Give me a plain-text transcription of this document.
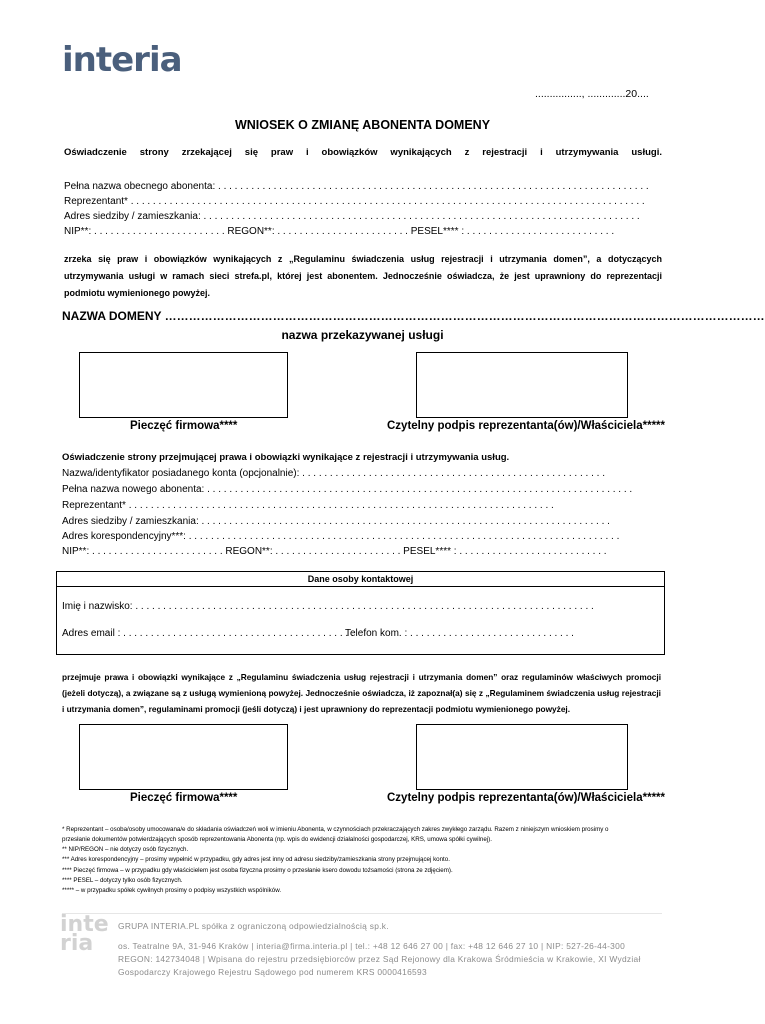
interia
................, .............20....
WNIOSEK O ZMIANĘ ABONENTA DOMENY
Oświadczenie strony zrzekającej się praw i obowiązków wynikających z rejestracji i utrzymywania usługi.
Pełna nazwa obecnego abonenta: . . . . . . . . . . . . . . . . . . . . . . . . . . . . . . . . . . . . . . . . . . . . . . . . . . . . . . . . . . . . . . . . . . . . . . . . . . . . . .
Reprezentant* . . . . . . . . . . . . . . . . . . . . . . . . . . . . . . . . . . . . . . . . . . . . . . . . . . . . . . . . . . . . . . . . . . . . . . . . . . . . . . . . . . . . . . . . . . . . .
Adres siedziby / zamieszkania: . . . . . . . . . . . . . . . . . . . . . . . . . . . . . . . . . . . . . . . . . . . . . . . . . . . . . . . . . . . . . . . . . . . . . . . . . . . . . . .
NIP**: . . . . . . . . . . . . . . . . . . . . . . . . REGON**: . . . . . . . . . . . . . . . . . . . . . . . . PESEL**** : . . . . . . . . . . . . . . . . . . . . . . . . . . .
zrzeka się praw i obowiązków wynikających z „Regulaminu świadczenia usług rejestracji i utrzymania domen”, a dotyczących utrzymywania usługi w ramach sieci strefa.pl, której jest abonentem. Jednocześnie oświadcza, że jest uprawniony do reprezentacji podmiotu wymienionego powyżej.
NAZWA DOMENY ……………………………………………………………………………………………………………………………………
nazwa przekazywanej usługi
Pieczęć firmowa****	Czytelny podpis reprezentanta(ów)/Właściciela*****
Oświadczenie strony przejmującej prawa i obowiązki wynikające z rejestracji i utrzymywania usług.
Nazwa/identyfikator posiadanego konta (opcjonalnie): . . . . . . . . . . . . . . . . . . . . . . . . . . . . . . . . . . . . . . . . . . . . . . . . . . . . . . .
Pełna nazwa nowego abonenta: . . . . . . . . . . . . . . . . . . . . . . . . . . . . . . . . . . . . . . . . . . . . . . . . . . . . . . . . . . . . . . . . . . . . . . . . . . . . .
Reprezentant* . . . . . . . . . . . . . . . . . . . . . . . . . . . . . . . . . . . . . . . . . . . . . . . . . . . . . . . . . . . . . . . . . . . . . . . . . . . . .
Adres siedziby / zamieszkania: . . . . . . . . . . . . . . . . . . . . . . . . . . . . . . . . . . . . . . . . . . . . . . . . . . . . . . . . . . . . . . . . . . . . . . . . . .
Adres korespondencyjny***: . . . . . . . . . . . . . . . . . . . . . . . . . . . . . . . . . . . . . . . . . . . . . . . . . . . . . . . . . . . . . . . . . . . . . . . . . . . . . .
NIP**: . . . . . . . . . . . . . . . . . . . . . . . . REGON**: . . . . . . . . . . . . . . . . . . . . . . . PESEL**** : . . . . . . . . . . . . . . . . . . . . . . . . . . .
Dane osoby kontaktowej
Imię i nazwisko: . . . . . . . . . . . . . . . . . . . . . . . . . . . . . . . . . . . . . . . . . . . . . . . . . . . . . . . . . . . . . . . . . . . . . . . . . . . . . . . . . . .
Adres email : . . . . . . . . . . . . . . . . . . . . . . . . . . . . . . . . . . . . . . . . . .
Telefon kom. : . . . . . . . . . . . . . . . . . . . . . . . . . . . . . .
przejmuje prawa i obowiązki wynikające z „Regulaminu świadczenia usług rejestracji i utrzymania domen” oraz regulaminów właściwych promocji (jeżeli dotyczą), a związane są z usługą wymienioną powyżej. Jednocześnie oświadcza, iż zapoznał(a) się z „Regulaminem świadczenia usług rejestracji i utrzymania domen”, regulaminami promocji (jeśli dotyczą) i jest uprawniony do reprezentacji podmiotu wymienionego powyżej.
Pieczęć firmowa****	Czytelny podpis reprezentanta(ów)/Właściciela*****
* Reprezentant – osoba/osoby umocowana/e do składania oświadczeń woli w imieniu Abonenta, w czynnościach przekraczających zakres zwykłego zarządu. Razem z niniejszym wnioskiem prosimy o
przesłanie dokumentów potwierdzających sposób reprezentowania Abonenta (np. wpis do ewidencji działalności gospodarczej, KRS, umowa spółki cywilnej).
** NIP/REGON – nie dotyczy osób fizycznych.
*** Adres korespondencyjny – prosimy wypełnić w przypadku, gdy adres jest inny od adresu siedziby/zamieszkania strony przejmującej konto.
**** Pieczęć firmowa – w przypadku gdy właścicielem jest osoba fizyczna prosimy o przesłanie ksero dowodu tożsamości (strona ze zdjęciem).
**** PESEL – dotyczy tylko osób fizycznych.
***** – w przypadku spółek cywilnych prosimy o podpisy wszystkich wspólników.
inte ria
GRUPA INTERIA.PL spółka z ograniczoną odpowiedzialnością sp.k.
os. Teatralne 9A, 31-946 Kraków | interia@firma.interia.pl | tel.: +48 12 646 27 00 | fax: +48 12 646 27 10 | NIP: 527-26-44-300
REGON: 142734048 | Wpisana do rejestru przedsiębiorców przez Sąd Rejonowy dla Krakowa Śródmieścia w Krakowie, XI Wydział
Gospodarczy Krajowego Rejestru Sądowego pod numerem KRS 0000416593
